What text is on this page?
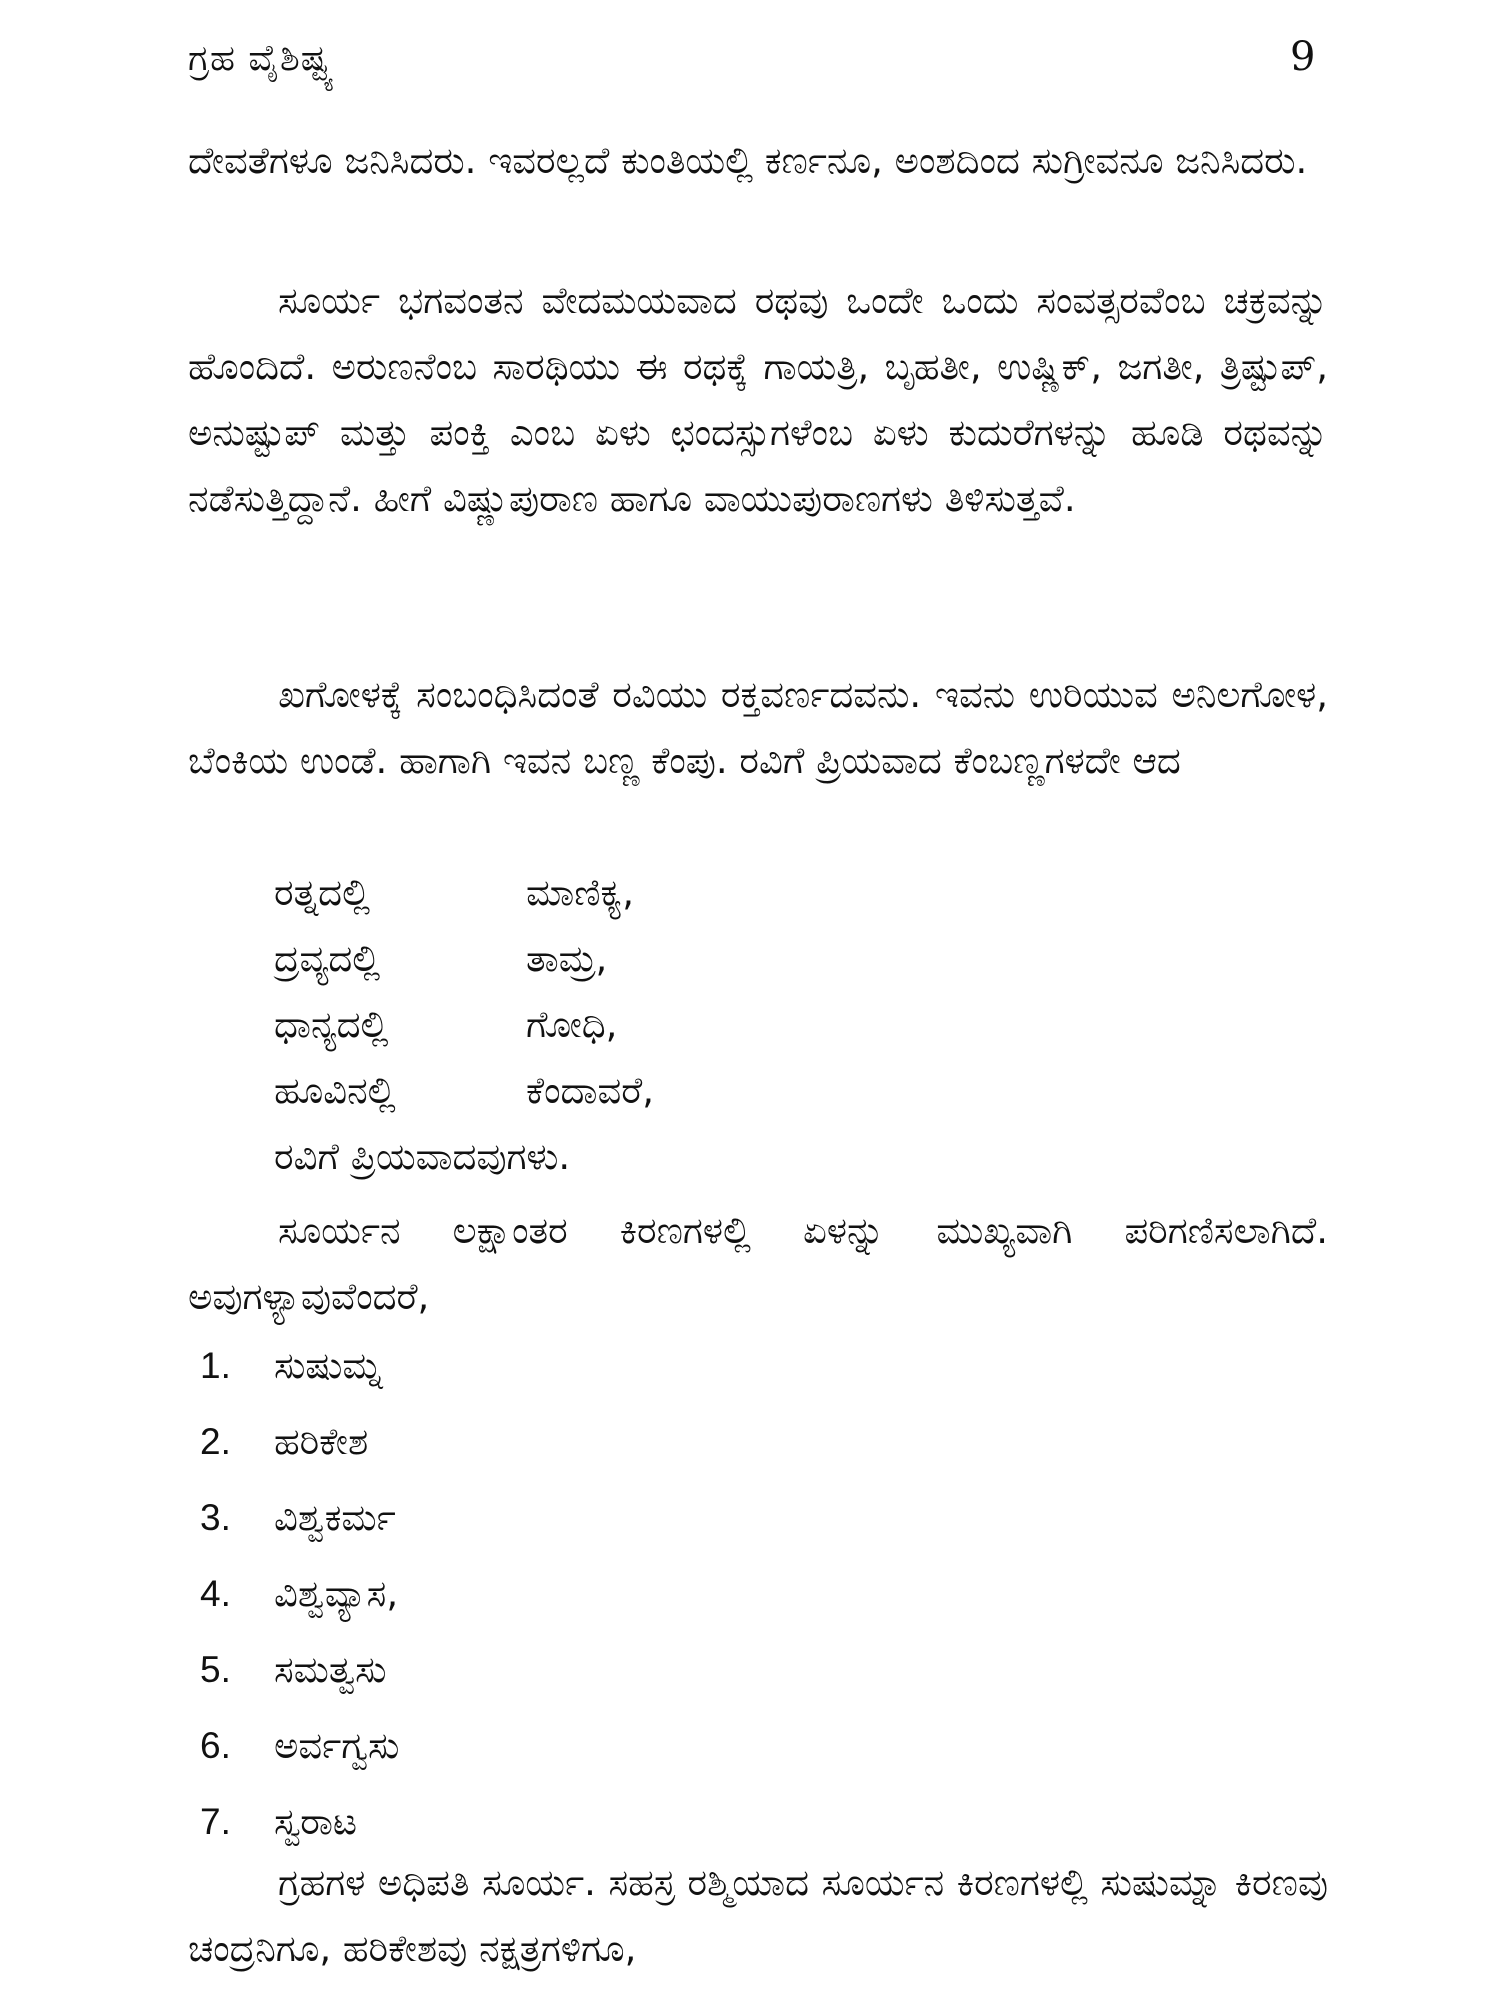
ಗ್ರಹ ವೈಶಿಷ್ಟ್ಯ	9

ದೇವತೆಗಳೂ ಜನಿಸಿದರು. ಇವರಲ್ಲದೆ ಕುಂತಿಯಲ್ಲಿ ಕರ್ಣನೂ, ಅಂಶದಿಂದ ಸುಗ್ರೀವನೂ ಜನಿಸಿದರು.

ಸೂರ್ಯ ಭಗವಂತನ ವೇದಮಯವಾದ ರಥವು ಒಂದೇ ಒಂದು ಸಂವತ್ಸರವೆಂಬ ಚಕ್ರವನ್ನು ಹೊಂದಿದೆ. ಅರುಣನೆಂಬ ಸಾರಥಿಯು ಈ ರಥಕ್ಕೆ ಗಾಯತ್ರಿ, ಬೃಹತೀ, ಉಷ್ಣಿಕ್, ಜಗತೀ, ತ್ರಿಷ್ಟುಪ್, ಅನುಷ್ಟುಪ್ ಮತ್ತು ಪಂಕ್ತಿ ಎಂಬ ಏಳು ಛಂದಸ್ಸುಗಳೆಂಬ ಏಳು ಕುದುರೆಗಳನ್ನು ಹೂಡಿ ರಥವನ್ನು ನಡೆಸುತ್ತಿದ್ದಾನೆ. ಹೀಗೆ ವಿಷ್ಣುಪುರಾಣ ಹಾಗೂ ವಾಯುಪುರಾಣಗಳು ತಿಳಿಸುತ್ತವೆ.

ಖಗೋಳಕ್ಕೆ ಸಂಬಂಧಿಸಿದಂತೆ ರವಿಯು ರಕ್ತವರ್ಣದವನು. ಇವನು ಉರಿಯುವ ಅನಿಲಗೋಳ, ಬೆಂಕಿಯ ಉಂಡೆ. ಹಾಗಾಗಿ ಇವನ ಬಣ್ಣ ಕೆಂಪು. ರವಿಗೆ ಪ್ರಿಯವಾದ ಕೆಂಬಣ್ಣಗಳದೇ ಆದ

ರತ್ನದಲ್ಲಿ	ಮಾಣಿಕ್ಯ,
ದ್ರವ್ಯದಲ್ಲಿ	ತಾಮ್ರ,
ಧಾನ್ಯದಲ್ಲಿ	ಗೋಧಿ,
ಹೂವಿನಲ್ಲಿ	ಕೆಂದಾವರೆ,
ರವಿಗೆ ಪ್ರಿಯವಾದವುಗಳು.

ಸೂರ್ಯನ ಲಕ್ಷಾಂತರ ಕಿರಣಗಳಲ್ಲಿ ಏಳನ್ನು ಮುಖ್ಯವಾಗಿ ಪರಿಗಣಿಸಲಾಗಿದೆ. ಅವುಗಳ್ಯಾವುವೆಂದರೆ,

1. ಸುಷುಮ್ನ
2. ಹರಿಕೇಶ
3. ವಿಶ್ವಕರ್ಮ
4. ವಿಶ್ವವ್ಯಾಸ,
5. ಸಮತ್ವಸು
6. ಅರ್ವಗ್ವಸು
7. ಸ್ವರಾಟ

ಗ್ರಹಗಳ ಅಧಿಪತಿ ಸೂರ್ಯ. ಸಹಸ್ರ ರಶ್ಮಿಯಾದ ಸೂರ್ಯನ ಕಿರಣಗಳಲ್ಲಿ ಸುಷುಮ್ನಾ ಕಿರಣವು ಚಂದ್ರನಿಗೂ, ಹರಿಕೇಶವು ನಕ್ಷತ್ರಗಳಿಗೂ,
